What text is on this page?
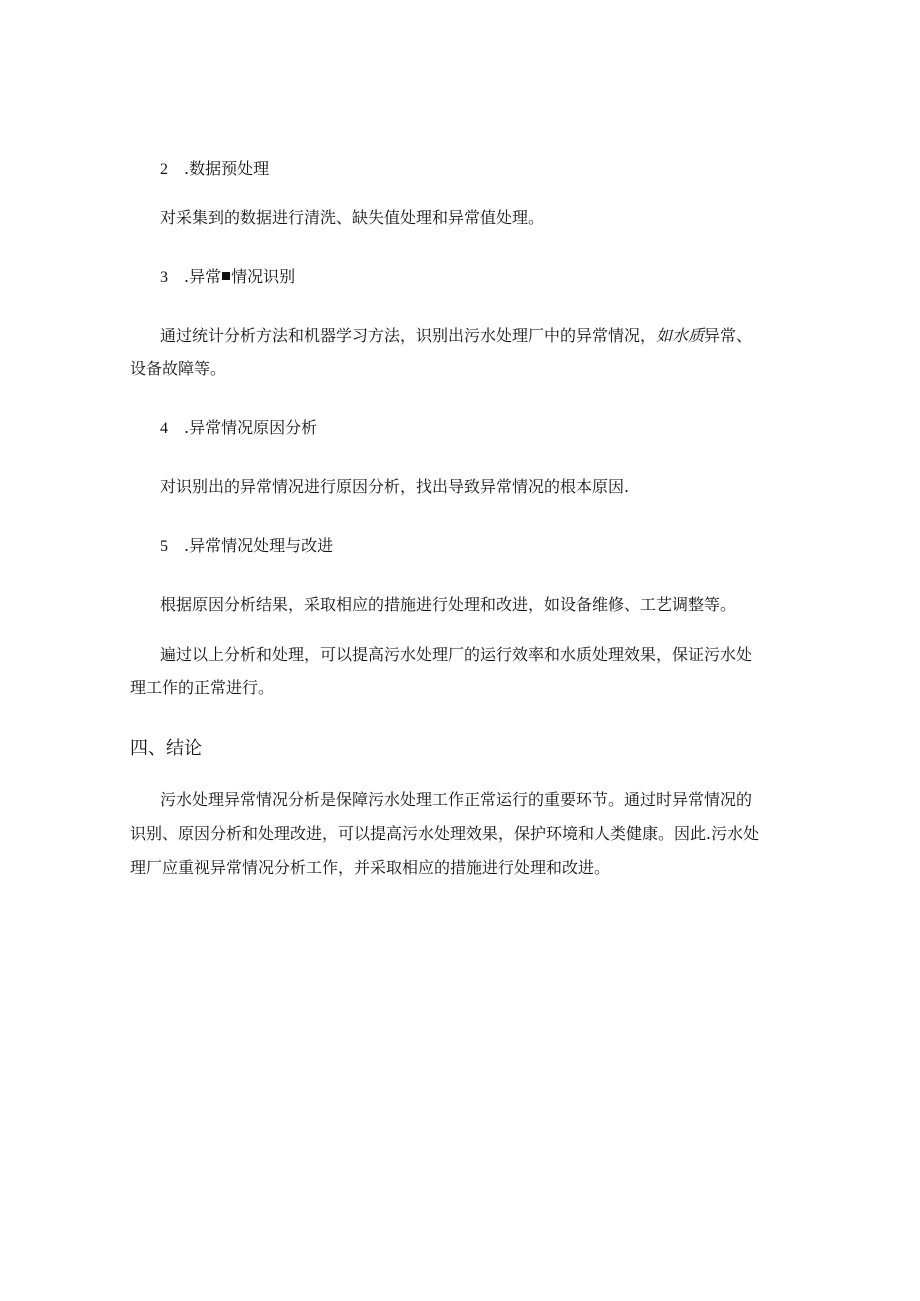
2 .数据预处理
对采集到的数据进行清洗、缺失值处理和异常值处理。
3 .异常 情况识别
通过统计分析方法和机器学习方法，识别出污水处理厂中的异常情况，如水质异常、
设备故障等。
4 .异常情况原因分析
对识别出的异常情况进行原因分析，找出导致异常情况的根本原因.
5 .异常情况处理与改进
根据原因分析结果，采取相应的措施进行处理和改进，如设备维修、工艺调整等。
遍过以上分析和处理，可以提高污水处理厂的运行效率和水质处理效果，保证污水处
理工作的正常进行。
四、结论
污水处理异常情况分析是保障污水处理工作正常运行的重要环节。通过时异常情况的
识别、原因分析和处理改进，可以提高污水处理效果，保护环境和人类健康。因此.污水处
理厂应重视异常情况分析工作，并采取相应的措施进行处理和改进。
